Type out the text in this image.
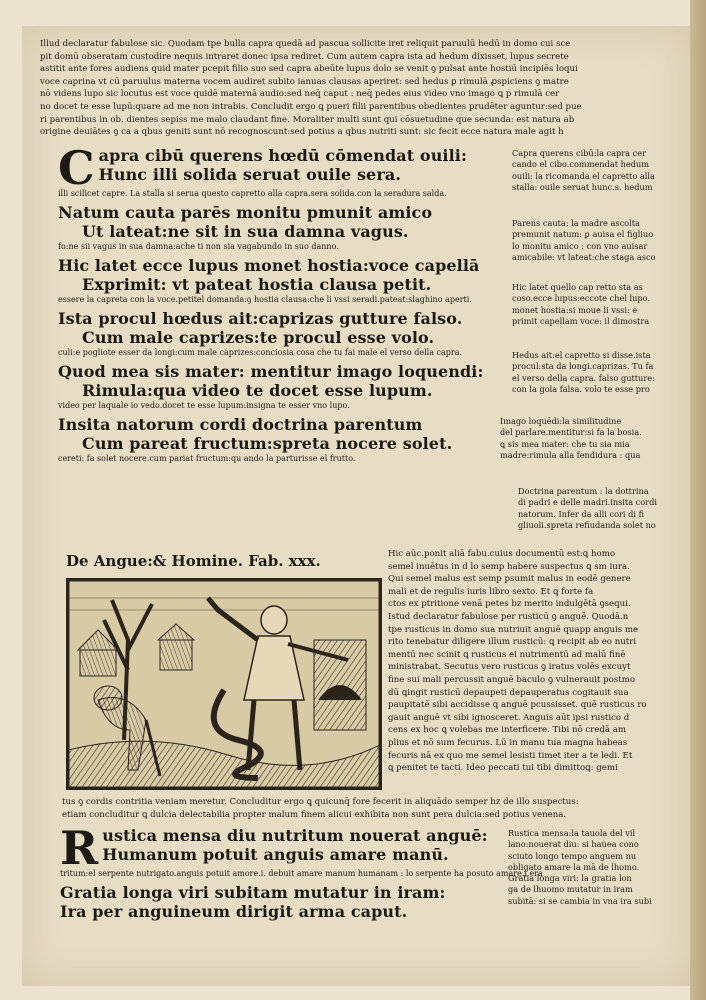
Illud declaratur fabulose sic. Quodam tpe bulla capra quedā ad pascua sollicite iret reliquit paruulū hedū in domo cui sce

pit domū obseratam custodire nequis intraret donec ipsa rediret. Cum autem capra ista ad hedum dixisset, lupus secrete

astitit ante fores audiens quid mater pcepit filio suo sed capra abeūte lupus dolo se venit ꝯ pulsat ante hostiū incipiēs loqui

voce caprina vt cū paruulus materna vocem audiret subito ianuas clausas aperiret: sed hedus ꝑ rimulā ꝓspiciens ꝯ matre

nō videns lupo sic locutus est voce quidē maternā audio:sed neq̄ caput : neq̄ pedes eius video vno imago ꝗ p rimulā cer

no docet te esse lupū:quare ad me non intrabis. Concludit ergo ꝗ pueri filii parentibus obedientes prudēter aguntur:sed pue

ri parentibus in ob. dientes sepiss me malo claudant fine. Moraliter multi sunt qui cōsuetudine que secunda: est natura ab

origine deuiātes ꝯ ca a qbus geniti sunt nō recognoscunt:sed potius a qbus nutriti sunt: sic fecit ecce natura male agit h

C apra cibū querens hœdū cōmendat ouili:

Hunc illi solida seruat ouile sera.

illi scilicet capre. La stalla si serua questo capretto alla capra.sera solida.con la seradura salda.

Natum cauta parēs monitu pmunit amico

Ut lateat:ne sit in sua damna vagus.

fo:ne sii vagus in sua damna:ache ti non sia vagabundo in suo danno.

Hic latet ecce lupus monet hostia:voce capellā

Exprimit: vt pateat hostia clausa petit.

essere la capreta con la voce.petitel domanda:ꝯ hostia clausa:che li vssi seradi.pateat:slaghino aperti.

Ista procul hœdus ait:caprizas gutture falso.

Cum male caprizes:te procul esse volo.

culi:e pogliote esser da longi:cum male caprizes:conciosia cosa che tu fai male el verso della capra.

Quod mea sis mater: mentitur imago loquendi:

Rimula:qua video te docet esse lupum.

video per laquale io vedo.docet te esse lupum:insigna te esser vno lupo.

Insita natorum cordi doctrina parentum

Cum pareat fructum:spreta nocere solet.

cereti: fa solet nocere.cum pariat fructum:qu ando la parturisse el frutto.

Capra querens cibū:la capra cer

cando el cibo.commendat hedum

ouili: la ricomanda el capretto alla

stalla: ouile seruat hunc.s. hedum

Parens cauta: la madre ascolta

premunit natum: ꝑ auisa el figliuo

lo monitu amico : con vno auisar

amicabile: vt lateat:che staga asco

Hic latet quello cap retto sta as

coso.ecce lupus:eccote chel lupo.

monet hostia:si moue li vssi: e

primit capellam voce: il dimostra

Hedus ait:el capretto si disse.ista

procul:sta da longi.caprizas. Tu fa

el verso della capra. falso gutture:

con la gola falsa. volo te esse pro

Imago loquēdi:la similitudine

del parlare.mentitur:si fa la bosia.

ꝗ sis mea mater: che tu sia mia

madre:rimula alla fendidura : qua

Doctrina parentum : la dottrina

di padri e delle madri.insita cordi

natorum. Infer da alli cori di fi

gliuoli.spreta refiudanda solet no

De Angue:& Homine. Fab. xxx.	Hic aūc.ponit aliā fabu.cuius documentū est:ꝗ homo

semel inuētus in d lo semp habere suspectus ꝗ sm iura.

Qui semel malus est semp psumit malus in eodē genere

mali et de regulis iuris libro sexto. Et ꝗ forte fa

ctos ex ptritione venā petes bz merito indulgētā ꝯsequi.

Istud declaratur fabulose per rusticū ꝯ anguē. Quodā.n

tpe rusticus in domo sua nutriuit anguē quapp anguis me

rito tenebatur diligere illum rusticū: ꝗ recipit ab eo nutri

mentū nec scinit ꝗ rusticus ei nutrimentū ad malū finē

ministrabat. Secutus vero rusticus ꝯ iratus volēs excuyt

fine sui mali percussit anguē baculo ꝯ vulnerauit postmo

dū ꝗingit rusticū depaupeti depauperatus cogitauit sua

paupitatē sibi accidisse ꝗ anguē pcussisset. quē rusticus ro

gauit anguē vt sibi ignosceret. Anguis aūt ipsi rustico d

cens ex hoc ꝗ volebas me interficere. Tibi nō credā am

plius et nō sum fecurus. Lū in manu tua magna habeas

fecuris nā ex quo me semel lesisti timet iter a te ledi. Et

ꝗ penitet te tacti. Ideo peccati tui tibi dimittoꝗ: gemi

tus ꝯ cordis contritia veniam meretur. Concluditur ergo ꝗ quicunq̄ fore fecerit in aliquādo semper hz de illo suspectus:

etiam concluditur ꝗ dulcia delectabilia propter malum finem alicui exhibita non sunt pera dulcia:sed potius venena.

R ustica mensa diu nutritum nouerat anguē:

Humanum potuit anguis amare manū.

tritum:el serpente nutrigato.anguis potuit amore.i. debuit amare manum humanam : lo serpente ha posuto amare.i.era

Gratia longa viri subitam mutatur in iram:

Ira per anguineum dirigit arma caput.

Rustica mensa:la tauola del vil

lano:nouerat diu: si hauea cono

sciuto longo tempo anguem nu

obligato amare la mā de lhomo.

Gratia longa viri: la gratia lon

ga de lhuomo mutatur in iram

subitā: si se cambia in vna ira subi
